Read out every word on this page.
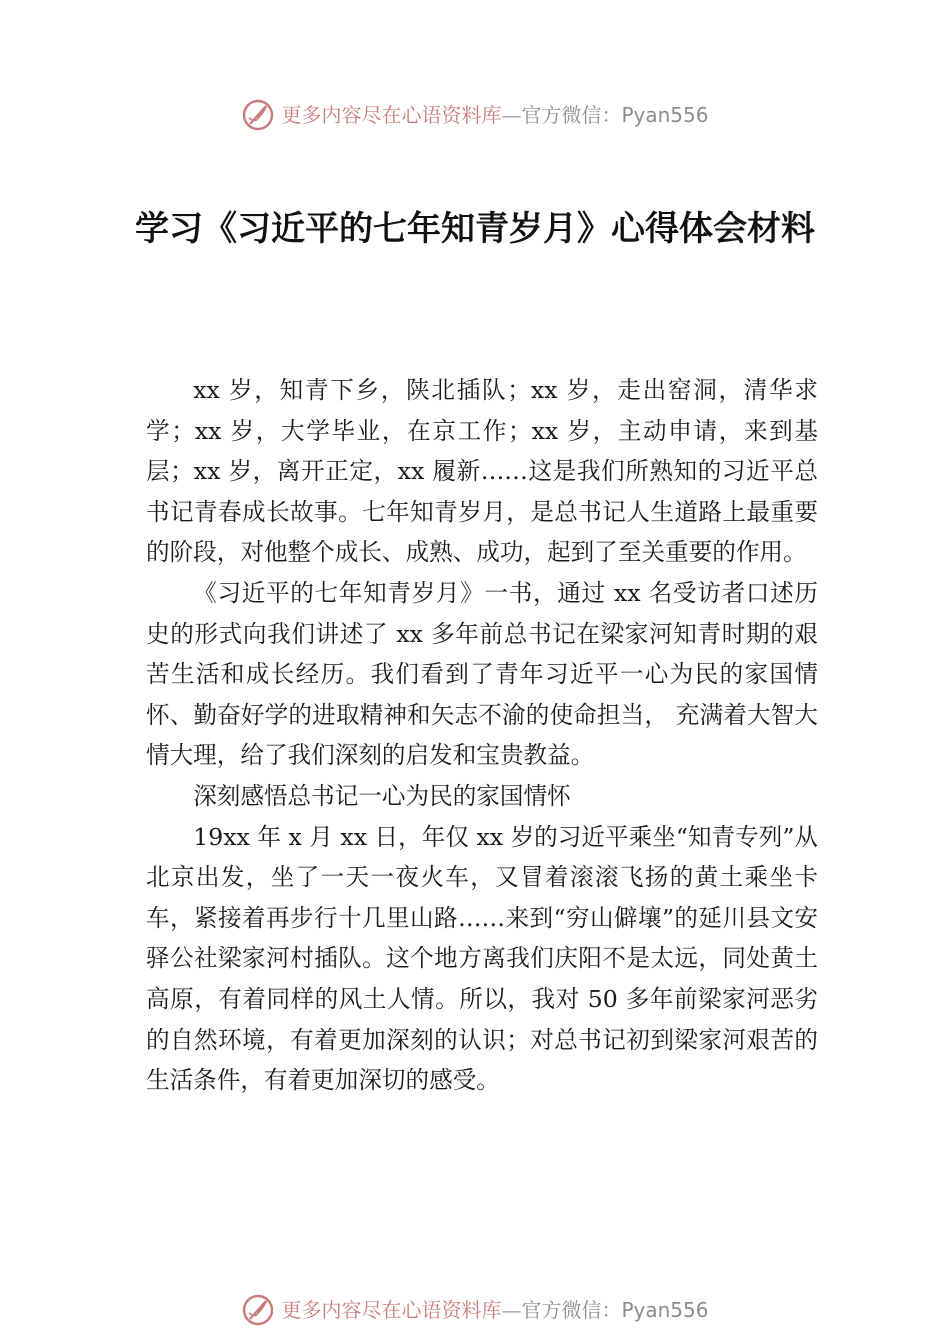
更多内容尽在心语资料库 — 官方微信：Pyan556
学习《习近平的七年知青岁月》心得体会材料

xx 岁，知青下乡，陕北插队；xx 岁，走出窑洞，清华求学；xx 岁，大学毕业，在京工作；xx 岁，主动申请，来到基层；xx 岁，离开正定，xx 履新……这是我们所熟知的习近平总书记青春成长故事。七年知青岁月，是总书记人生道路上最重要的阶段，对他整个成长、成熟、成功，起到了至关重要的作用。

《习近平的七年知青岁月》一书，通过 xx 名受访者口述历史的形式向我们讲述了 xx 多年前总书记在梁家河知青时期的艰苦生活和成长经历。我们看到了青年习近平一心为民的家国情怀、勤奋好学的进取精神和矢志不渝的使命担当， 充满着大智大情大理，给了我们深刻的启发和宝贵教益。

深刻感悟总书记一心为民的家国情怀

19xx 年 x 月 xx 日，年仅 xx 岁的习近平乘坐“知青专列”从北京出发，坐了一天一夜火车，又冒着滚滚飞扬的黄土乘坐卡车，紧接着再步行十几里山路……来到“穷山僻壤”的延川县文安驿公社梁家河村插队。这个地方离我们庆阳不是太远，同处黄土高原，有着同样的风土人情。所以，我对 50 多年前梁家河恶劣的自然环境，有着更加深刻的认识；对总书记初到梁家河艰苦的生活条件，有着更加深切的感受。

更多内容尽在心语资料库 — 官方微信：Pyan556
